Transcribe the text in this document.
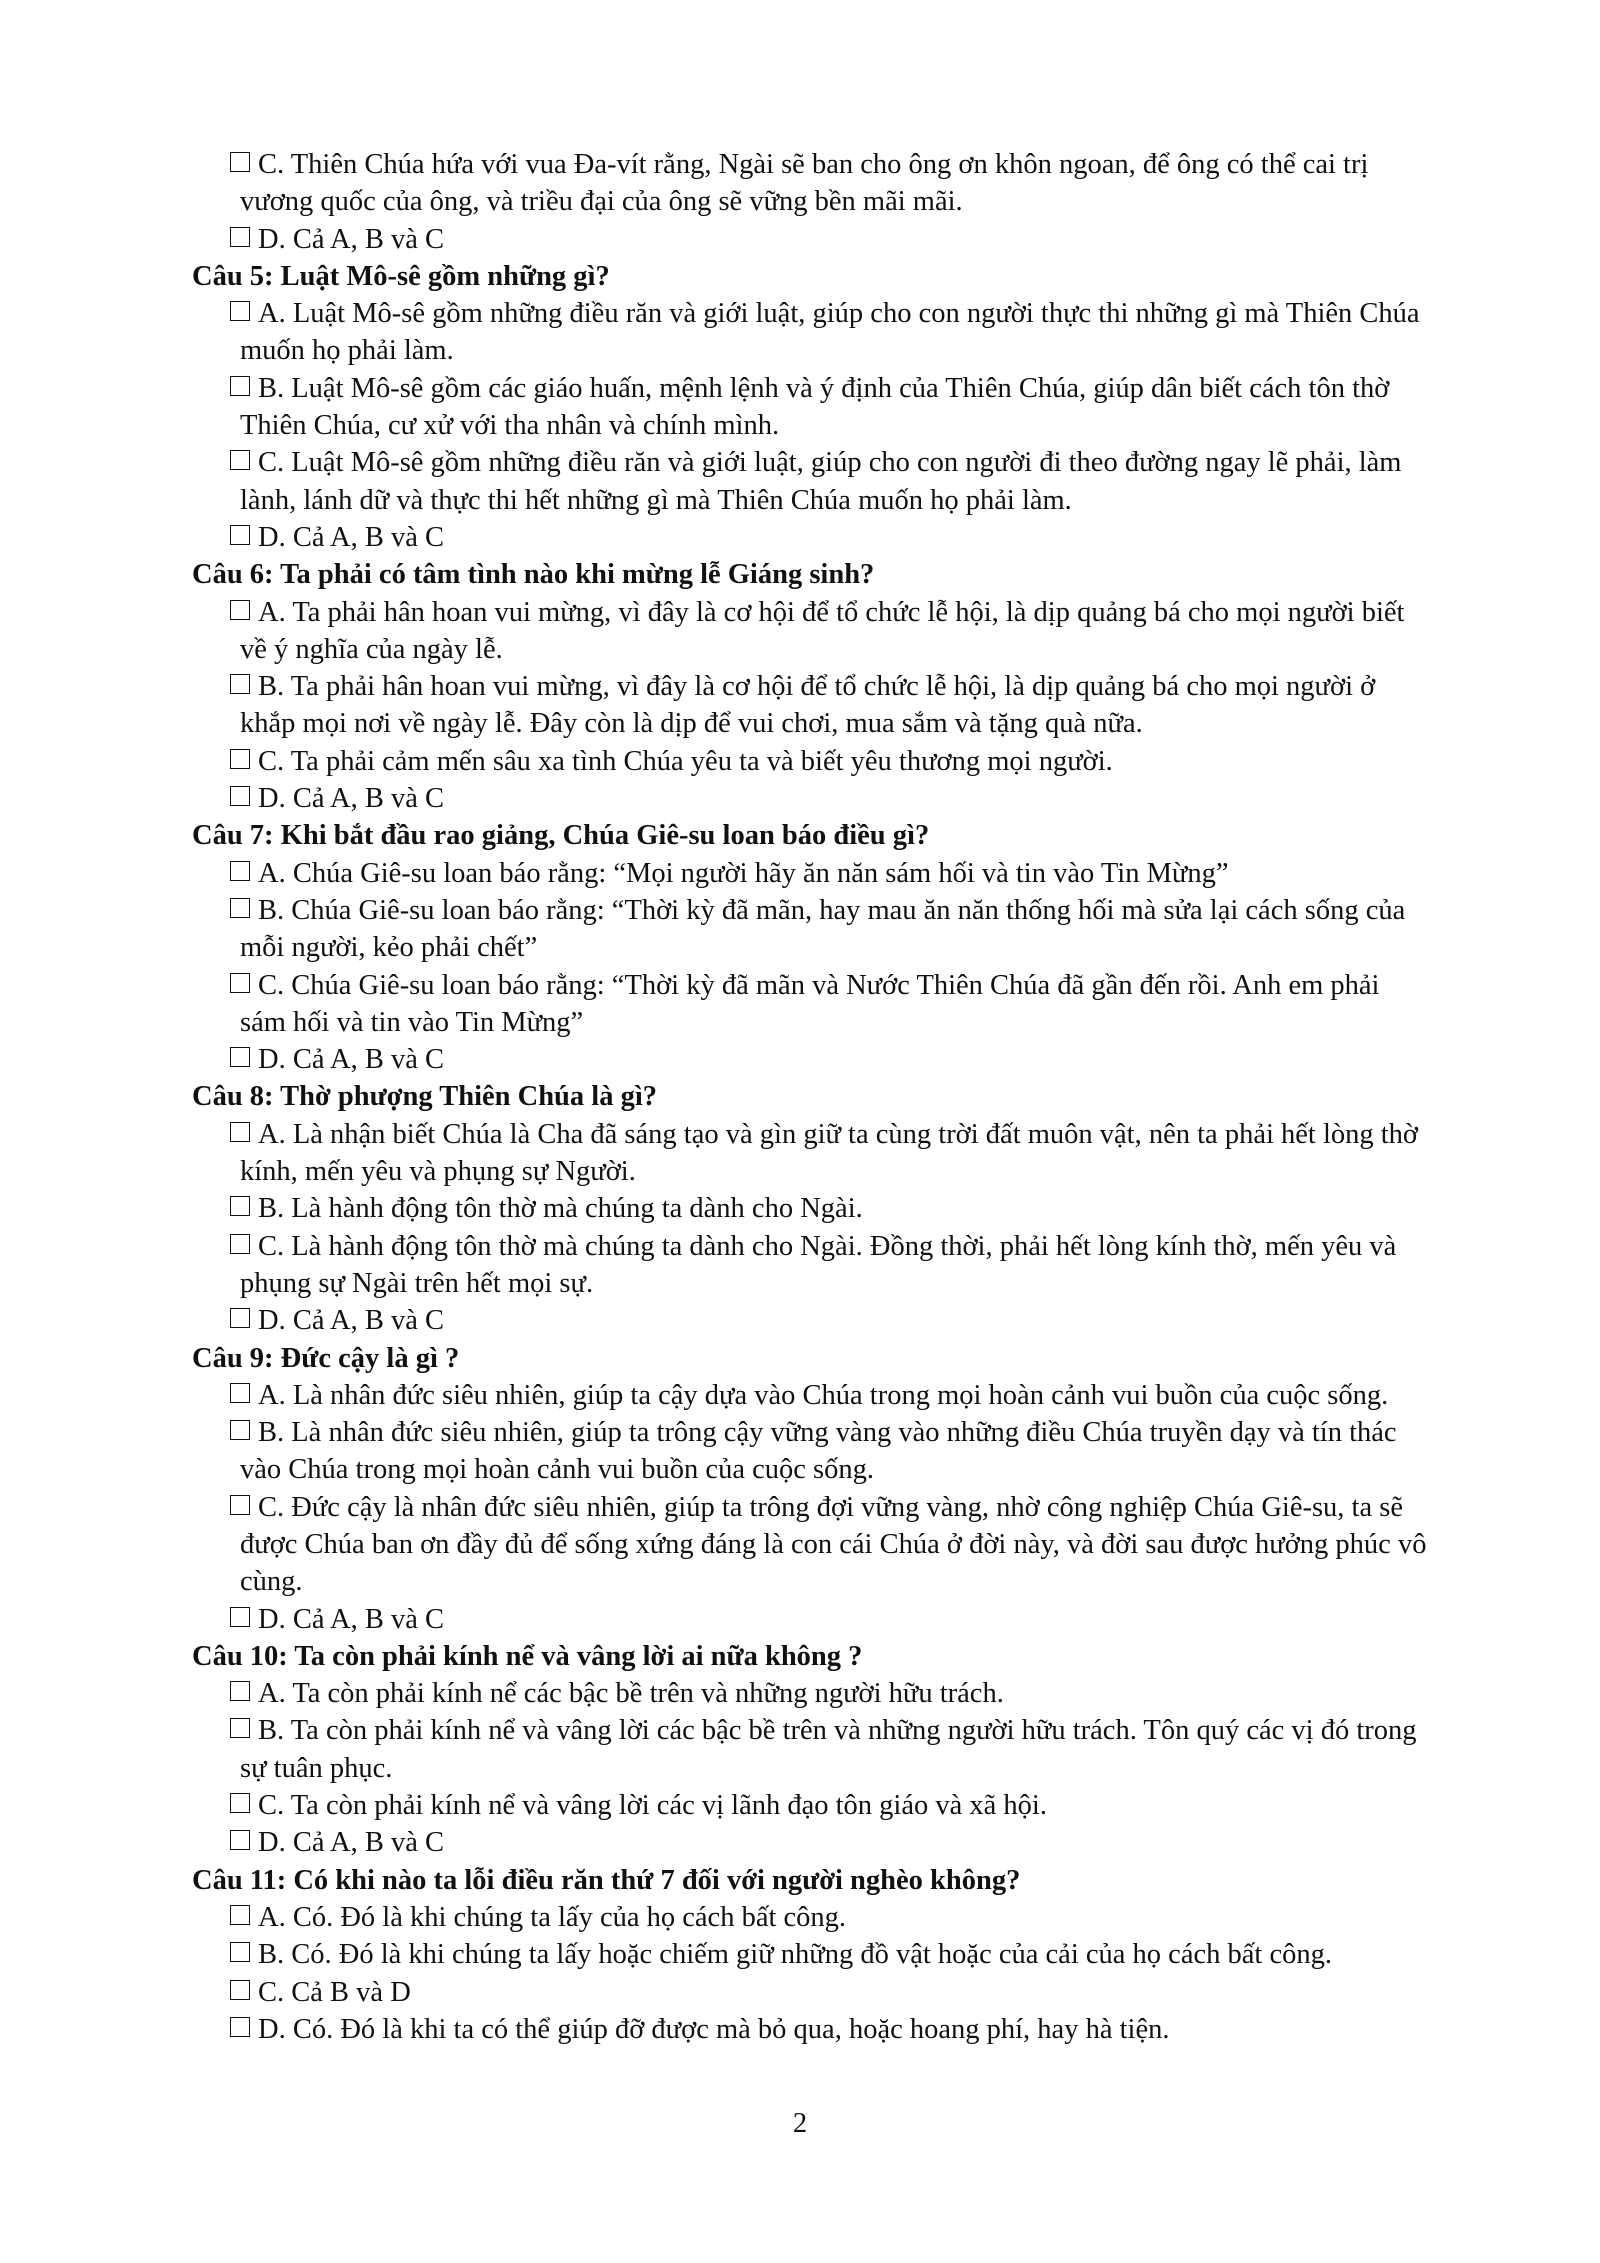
C. Thiên Chúa hứa với vua Đa-vít rằng, Ngài sẽ ban cho ông ơn khôn ngoan, để ông có thể cai trị vương quốc của ông, và triều đại của ông sẽ vững bền mãi mãi.
D. Cả A, B và C
Câu 5: Luật Mô-sê gồm những gì?
A. Luật Mô-sê gồm những điều răn và giới luật, giúp cho con người thực thi những gì mà Thiên Chúa muốn họ phải làm.
B. Luật Mô-sê gồm các giáo huấn, mệnh lệnh và ý định của Thiên Chúa, giúp dân biết cách tôn thờ Thiên Chúa, cư xử với tha nhân và chính mình.
C. Luật Mô-sê gồm những điều răn và giới luật, giúp cho con người đi theo đường ngay lẽ phải, làm lành, lánh dữ và thực thi hết những gì mà Thiên Chúa muốn họ phải làm.
D. Cả A, B và C
Câu 6: Ta phải có tâm tình nào khi mừng lễ Giáng sinh?
A. Ta phải hân hoan vui mừng, vì đây là cơ hội để tổ chức lễ hội, là dịp quảng bá cho mọi người biết về ý nghĩa của ngày lễ.
B. Ta phải hân hoan vui mừng, vì đây là cơ hội để tổ chức lễ hội, là dịp quảng bá cho mọi người ở khắp mọi nơi về ngày lễ. Đây còn là dịp để vui chơi, mua sắm và tặng quà nữa.
C. Ta phải cảm mến sâu xa tình Chúa yêu ta và biết yêu thương mọi người.
D. Cả A, B và C
Câu 7: Khi bắt đầu rao giảng, Chúa Giê-su loan báo điều gì?
A. Chúa Giê-su loan báo rằng: “Mọi người hãy ăn năn sám hối và tin vào Tin Mừng”
B. Chúa Giê-su loan báo rằng: “Thời kỳ đã mãn, hay mau ăn năn thống hối mà sửa lại cách sống của mỗi người, kẻo phải chết”
C. Chúa Giê-su loan báo rằng: “Thời kỳ đã mãn và Nước Thiên Chúa đã gần đến rồi. Anh em phải sám hối và tin vào Tin Mừng”
D. Cả A, B và C
Câu 8: Thờ phượng Thiên Chúa là gì?
A. Là nhận biết Chúa là Cha đã sáng tạo và gìn giữ ta cùng trời đất muôn vật, nên ta phải hết lòng thờ kính, mến yêu và phụng sự Người.
B. Là hành động tôn thờ mà chúng ta dành cho Ngài.
C. Là hành động tôn thờ mà chúng ta dành cho Ngài. Đồng thời, phải hết lòng kính thờ, mến yêu và phụng sự Ngài trên hết mọi sự.
D. Cả A, B và C
Câu 9: Đức cậy là gì ?
A. Là nhân đức siêu nhiên, giúp ta cậy dựa vào Chúa trong mọi hoàn cảnh vui buồn của cuộc sống.
B. Là nhân đức siêu nhiên, giúp ta trông cậy vững vàng vào những điều Chúa truyền dạy và tín thác vào Chúa trong mọi hoàn cảnh vui buồn của cuộc sống.
C. Đức cậy là nhân đức siêu nhiên, giúp ta trông đợi vững vàng, nhờ công nghiệp Chúa Giê-su, ta sẽ được Chúa ban ơn đầy đủ để sống xứng đáng là con cái Chúa ở đời này, và đời sau được hưởng phúc vô cùng.
D. Cả A, B và C
Câu 10: Ta còn phải kính nể và vâng lời ai nữa không ?
A. Ta còn phải kính nể các bậc bề trên và những người hữu trách.
B. Ta còn phải kính nể và vâng lời các bậc bề trên và những người hữu trách. Tôn quý các vị đó trong sự tuân phục.
C. Ta còn phải kính nể và vâng lời các vị lãnh đạo tôn giáo và xã hội.
D. Cả A, B và C
Câu 11: Có khi nào ta lỗi điều răn thứ 7 đối với người nghèo không?
A. Có. Đó là khi chúng ta lấy của họ cách bất công.
B. Có. Đó là khi chúng ta lấy hoặc chiếm giữ những đồ vật hoặc của cải của họ cách bất công.
C. Cả B và D
D. Có. Đó là khi ta có thể giúp đỡ được mà bỏ qua, hoặc hoang phí, hay hà tiện.
2
